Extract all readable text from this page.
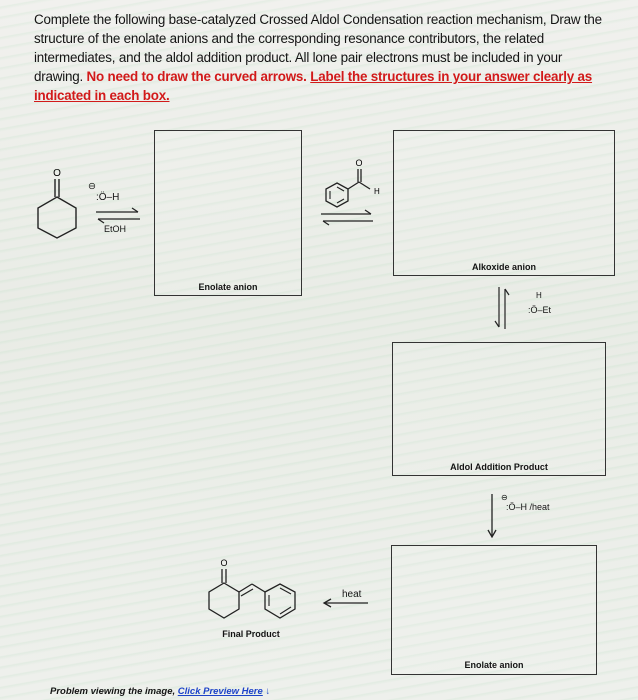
Complete the following base-catalyzed Crossed Aldol Condensation reaction mechanism, Draw the
structure of the enolate anions and the corresponding resonance contributors, the related
intermediates, and the aldol addition product. All lone pair electrons must be included in your
drawing. No need to draw the curved arrows. Label the structures in your answer clearly as
indicated in each box.
O
⊖
:Ö–H
EtOH
Enolate anion
O
H
Alkoxide anion
H
:Ö–Et
Aldol Addition Product
⊖
:Ö–H /heat
Enolate anion
heat
O
Final Product
Problem viewing the image, Click Preview Here ↓
